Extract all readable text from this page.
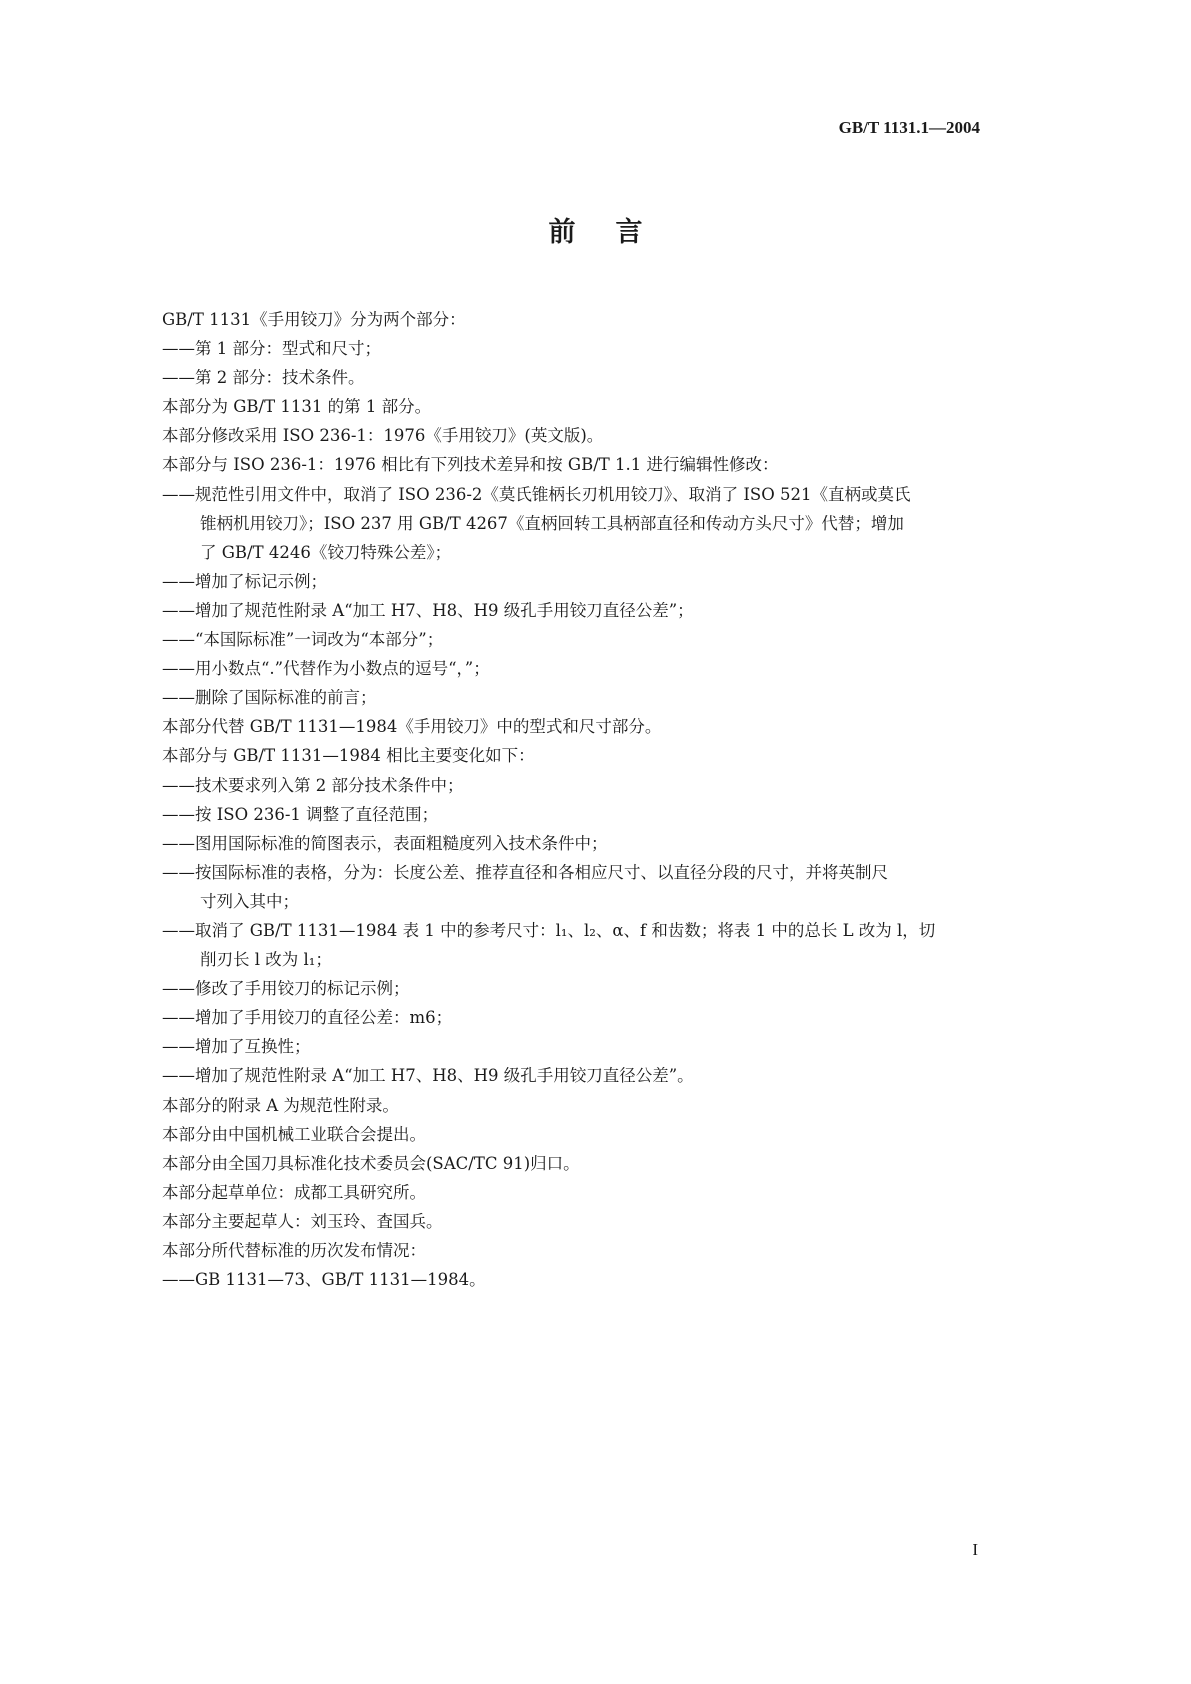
GB/T 1131.1—2004
前言
GB/T 1131《手用铰刀》分为两个部分：
——第 1 部分：型式和尺寸；
——第 2 部分：技术条件。
本部分为 GB/T 1131 的第 1 部分。
本部分修改采用 ISO 236-1：1976《手用铰刀》(英文版)。
本部分与 ISO 236-1：1976 相比有下列技术差异和按 GB/T 1.1 进行编辑性修改：
——规范性引用文件中，取消了 ISO 236-2《莫氏锥柄长刃机用铰刀》、取消了 ISO 521《直柄或莫氏
锥柄机用铰刀》；ISO 237 用 GB/T 4267《直柄回转工具柄部直径和传动方头尺寸》代替；增加
了 GB/T 4246《铰刀特殊公差》；
——增加了标记示例；
——增加了规范性附录 A“加工 H7、H8、H9 级孔手用铰刀直径公差”；
——“本国际标准”一词改为“本部分”；
——用小数点“.”代替作为小数点的逗号“，”；
——删除了国际标准的前言；
本部分代替 GB/T 1131—1984《手用铰刀》中的型式和尺寸部分。
本部分与 GB/T 1131—1984 相比主要变化如下：
——技术要求列入第 2 部分技术条件中；
——按 ISO 236-1 调整了直径范围；
——图用国际标准的简图表示，表面粗糙度列入技术条件中；
——按国际标准的表格，分为：长度公差、推荐直径和各相应尺寸、以直径分段的尺寸，并将英制尺
寸列入其中；
——取消了 GB/T 1131—1984 表 1 中的参考尺寸：l₁、l₂、α、f 和齿数；将表 1 中的总长 L 改为 l，切
削刃长 l 改为 l₁；
——修改了手用铰刀的标记示例；
——增加了手用铰刀的直径公差：m6；
——增加了互换性；
——增加了规范性附录 A“加工 H7、H8、H9 级孔手用铰刀直径公差”。
本部分的附录 A 为规范性附录。
本部分由中国机械工业联合会提出。
本部分由全国刀具标准化技术委员会(SAC/TC 91)归口。
本部分起草单位：成都工具研究所。
本部分主要起草人：刘玉玲、査国兵。
本部分所代替标准的历次发布情况：
——GB 1131—73、GB/T 1131—1984。
I
